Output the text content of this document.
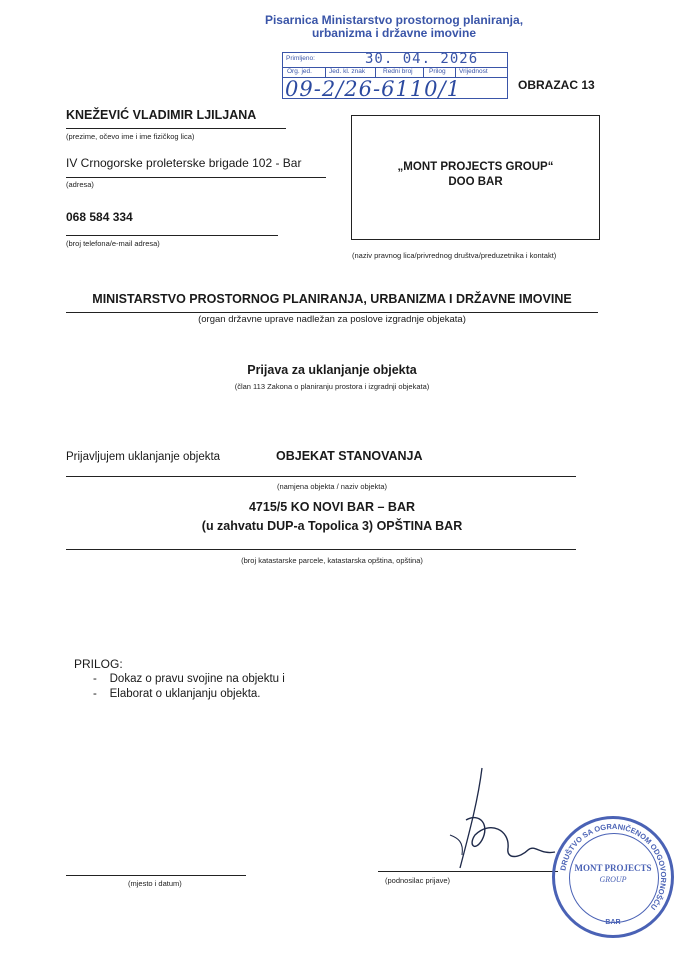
Pisarnica Ministarstvo prostornog planiranja,
urbanizma i državne imovine
Primljeno:	30. 04. 2026
Org. jed.	Jed. kl. znak	Redni broj	Prilog Vrijednost
09-2/26-6110/1	OBRAZAC 13
KNEŽEVIĆ VLADIMIR LJILJANA
(prezime, očevo ime i ime fizičkog lica)
IV Crnogorske proleterske brigade 102 - Bar
(adresa)
068 584 334
(broj telefona/e-mail adresa)
„MONT PROJECTS GROUP“
DOO BAR
(naziv pravnog lica/privrednog društva/preduzetnika i kontakt)
MINISTARSTVO PROSTORNOG PLANIRANJA, URBANIZMA I DRŽAVNE IMOVINE
(organ državne uprave nadležan za poslove izgradnje objekata)
Prijava za uklanjanje objekta
(član 113 Zakona o planiranju prostora i izgradnji objekata)
Prijavljujem uklanjanje objekta	OBJEKAT STANOVANJA
(namjena objekta / naziv objekta)
4715/5 KO NOVI BAR – BAR
(u zahvatu DUP-a Topolica 3) OPŠTINA BAR
(broj katastarske parcele, katastarska opština, opština)
PRILOG:
-    Dokaz o pravu svojine na objektu i
-    Elaborat o uklanjanju objekta.
(mjesto i datum)	(podnosilac prijave)
DRUŠTVO SA OGRANIČENOM ODGOVORNOŠĆU
MONT PROJECTS
GROUP
BAR
